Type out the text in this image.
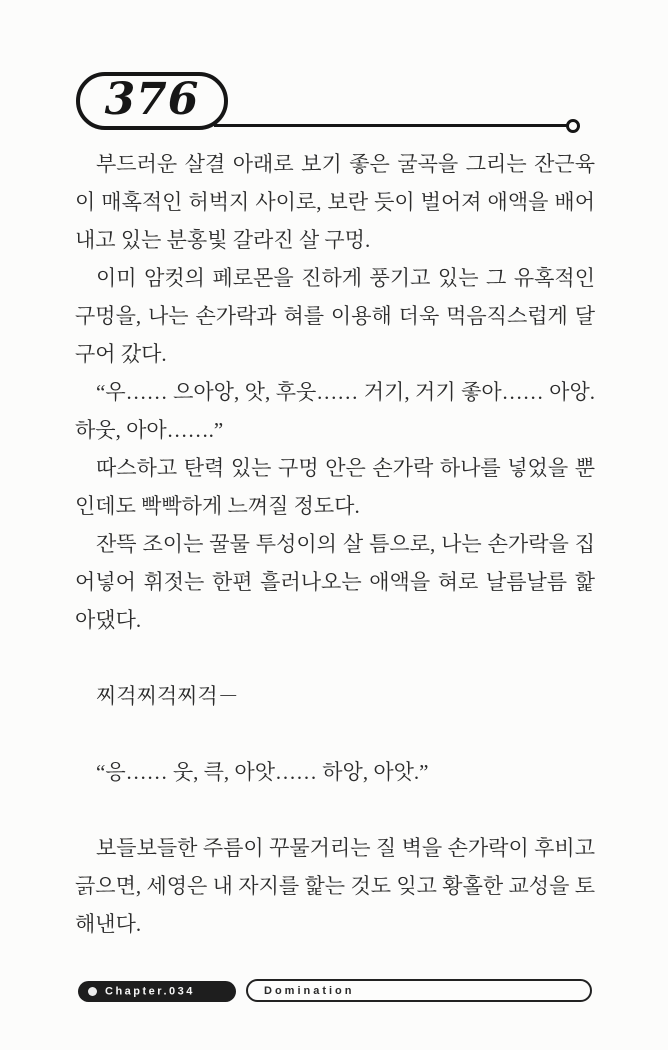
376

부드러운 살결 아래로 보기 좋은 굴곡을 그리는 잔근육이 매혹적인 허벅지 사이로, 보란 듯이 벌어져 애액을 배어내고 있는 분홍빛 갈라진 살 구멍.

이미 암컷의 페로몬을 진하게 풍기고 있는 그 유혹적인 구멍을, 나는 손가락과 혀를 이용해 더욱 먹음직스럽게 달구어 갔다.

“우…… 으아앙, 앗, 후웃…… 거기, 거기 좋아…… 아앙. 하웃, 아아…….”

따스하고 탄력 있는 구멍 안은 손가락 하나를 넣었을 뿐인데도 빡빡하게 느껴질 정도다.

잔뜩 조이는 꿀물 투성이의 살 틈으로, 나는 손가락을 집어넣어 휘젓는 한편 흘러나오는 애액을 혀로 날름날름 핥아댔다.

찌걱찌걱찌걱－

“응…… 웃, 큭, 아앗…… 하앙, 아앗.”

보들보들한 주름이 꾸물거리는 질 벽을 손가락이 후비고 긁으면, 세영은 내 자지를 핥는 것도 잊고 황홀한 교성을 토해낸다.

Chapter.034	Domination
